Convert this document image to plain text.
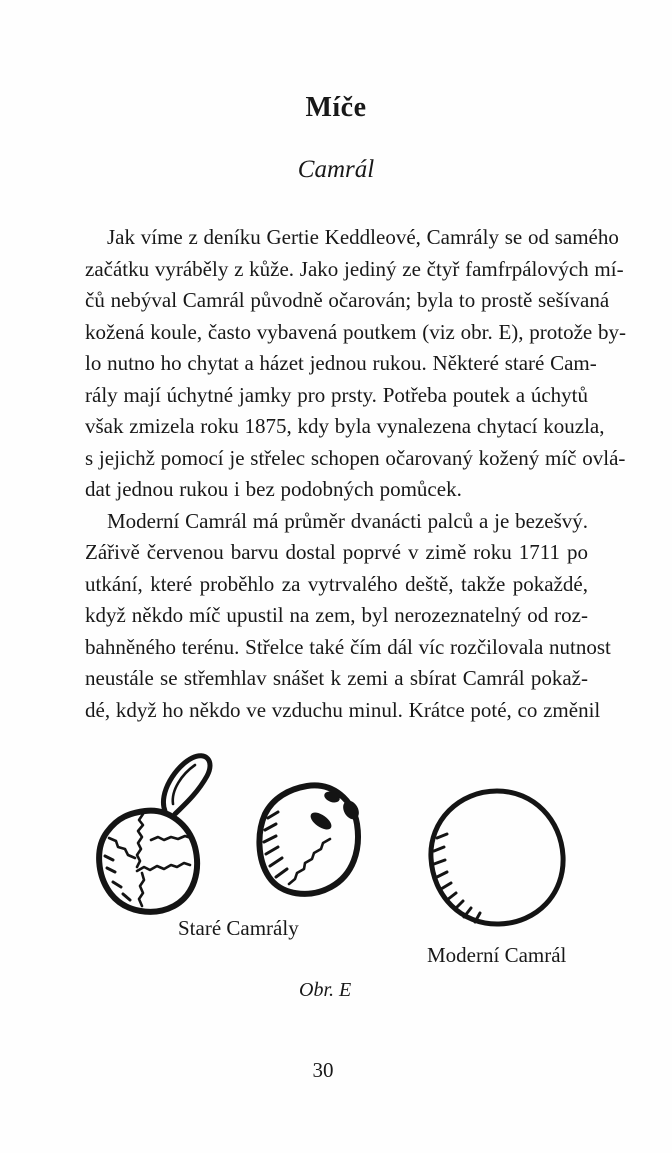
Míče
Camrál
Jak víme z deníku Gertie Keddleové, Camrály se od samého
začátku vyráběly z kůže. Jako jediný ze čtyř famfrpálových mí-
čů nebýval Camrál původně očarován; byla to prostě sešívaná
kožená koule, často vybavená poutkem (viz obr. E), protože by-
lo nutno ho chytat a házet jednou rukou. Některé staré Cam-
rály mají úchytné jamky pro prsty. Potřeba poutek a úchytů
však zmizela roku 1875, kdy byla vynalezena chytací kouzla,
s jejichž pomocí je střelec schopen očarovaný kožený míč ovlá-
dat jednou rukou i bez podobných pomůcek.
Moderní Camrál má průměr dvanácti palců a je bezešvý.
Zářivě červenou barvu dostal poprvé v zimě roku 1711 po
utkání, které proběhlo za vytrvalého deště, takže pokaždé,
když někdo míč upustil na zem, byl nerozeznatelný od roz-
bahněného terénu. Střelce také čím dál víc rozčilovala nutnost
neustále se střemhlav snášet k zemi a sbírat Camrál pokaž-
dé, když ho někdo ve vzduchu minul. Krátce poté, co změnil
Staré Camrály
Moderní Camrál
Obr. E
30
